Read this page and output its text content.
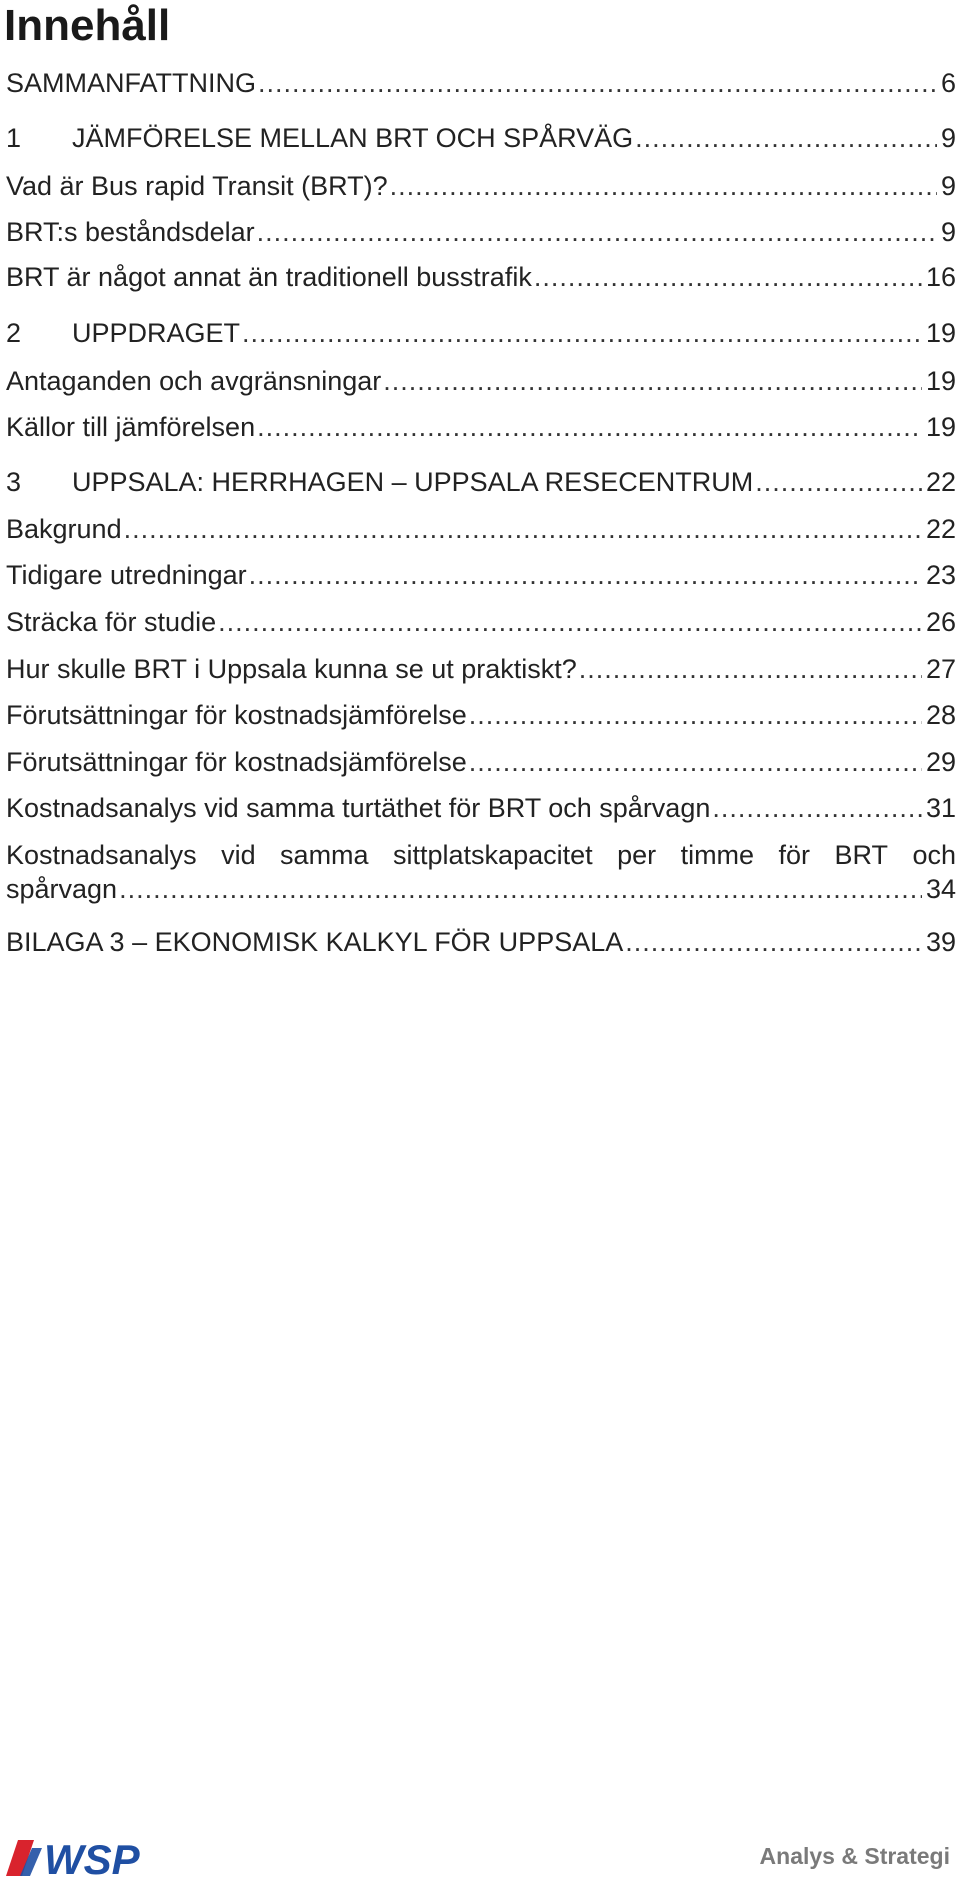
Innehåll
SAMMANFATTNING .....	6
1	JÄMFÖRELSE MELLAN BRT OCH SPÅRVÄG .....	9
Vad är Bus rapid Transit (BRT)? .....	9
BRT:s beståndsdelar .....	9
BRT är något annat än traditionell busstrafik .....	16
2	UPPDRAGET .....	19
Antaganden och avgränsningar .....	19
Källor till jämförelsen .....	19
3	UPPSALA: HERRHAGEN – UPPSALA RESECENTRUM .....	22
Bakgrund .....	22
Tidigare utredningar .....	23
Sträcka för studie .....	26
Hur skulle BRT i Uppsala kunna se ut praktiskt? .....	27
Förutsättningar för kostnadsjämförelse .....	28
Förutsättningar för kostnadsjämförelse .....	29
Kostnadsanalys vid samma turtäthet för BRT och spårvagn .....	31
Kostnadsanalys vid samma sittplatskapacitet per timme för BRT och
spårvagn .....	34
BILAGA 3 – EKONOMISK KALKYL FÖR UPPSALA .....	39
WSP	Analys & Strategi
